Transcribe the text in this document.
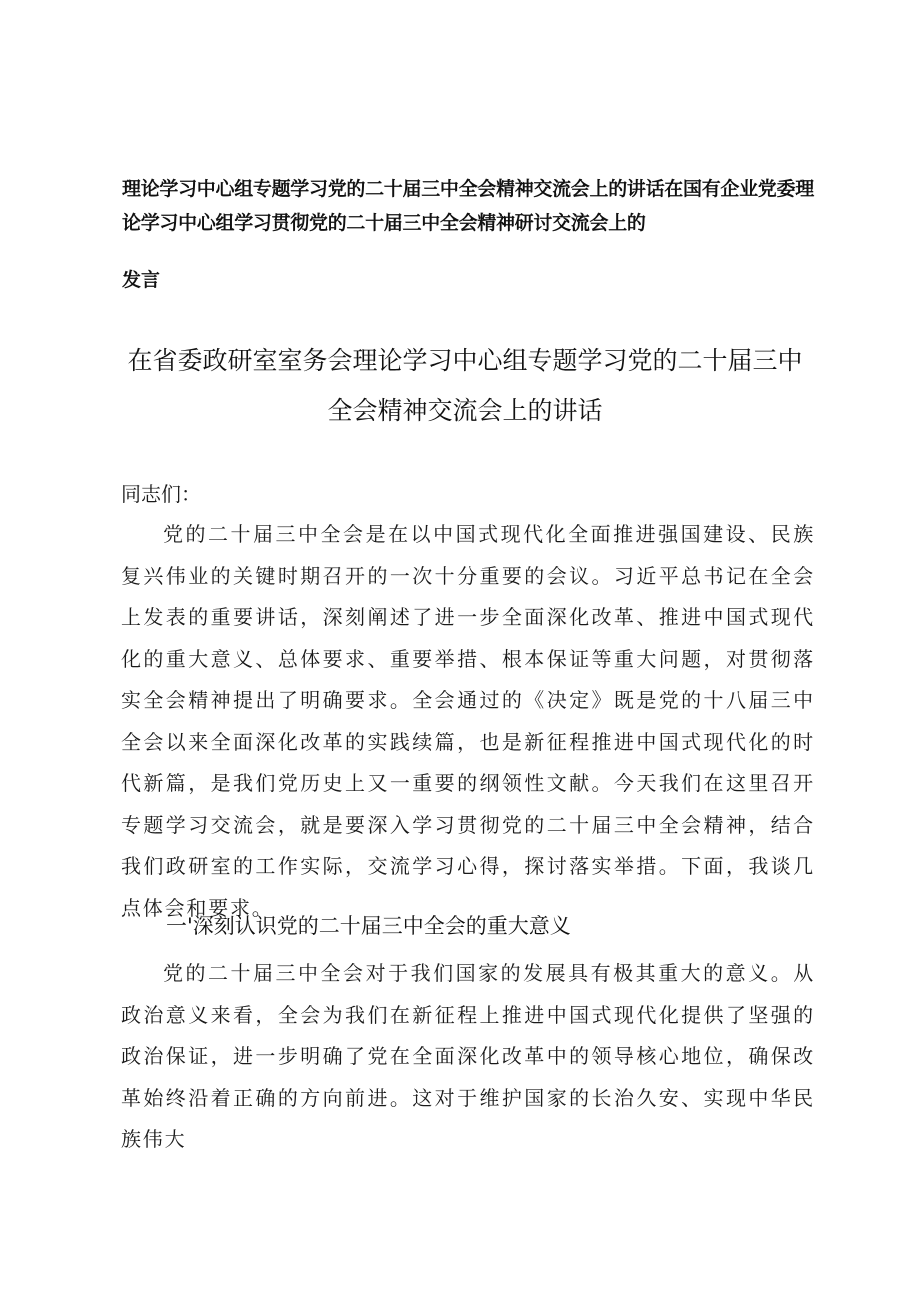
理论学习中心组专题学习党的二十届三中全会精神交流会上的讲话在国有企业党委理论学习中心组学习贯彻党的二十届三中全会精神研讨交流会上的
发言
在省委政研室室务会理论学习中心组专题学习党的二十届三中全会精神交流会上的讲话
同志们：

党的二十届三中全会是在以中国式现代化全面推进强国建设、民族复兴伟业的关键时期召开的一次十分重要的会议。习近平总书记在全会上发表的重要讲话，深刻阐述了进一步全面深化改革、推进中国式现代化的重大意义、总体要求、重要举措、根本保证等重大问题，对贯彻落实全会精神提出了明确要求。全会通过的《决定》既是党的十八届三中全会以来全面深化改革的实践续篇，也是新征程推进中国式现代化的时代新篇，是我们党历史上又一重要的纲领性文献。今天我们在这里召开专题学习交流会，就是要深入学习贯彻党的二十届三中全会精神，结合我们政研室的工作实际，交流学习心得，探讨落实举措。下面，我谈几点体会和要求。

一'深刻认识党的二十届三中全会的重大意义

党的二十届三中全会对于我们国家的发展具有极其重大的意义。从政治意义来看，全会为我们在新征程上推进中国式现代化提供了坚强的政治保证，进一步明确了党在全面深化改革中的领导核心地位，确保改革始终沿着正确的方向前进。这对于维护国家的长治久安、实现中华民族伟大
